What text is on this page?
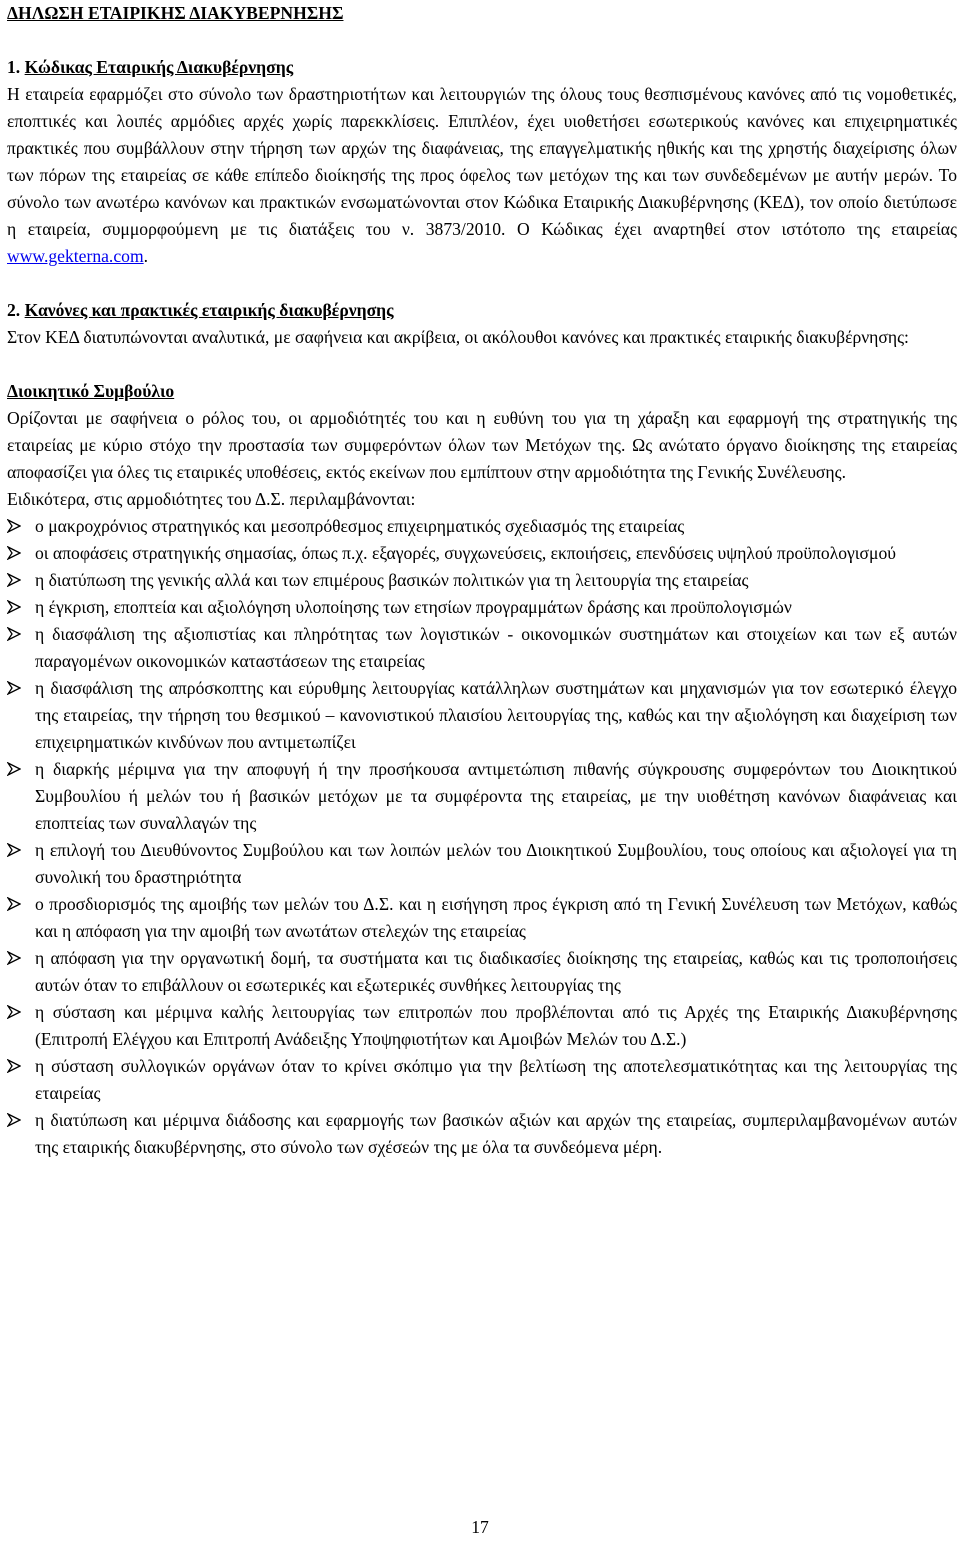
ΔΗΛΩΣΗ ΕΤΑΙΡΙΚΗΣ ΔΙΑΚΥΒΕΡΝΗΣΗΣ

1. Κώδικας Εταιρικής Διακυβέρνησης

Η εταιρεία εφαρμόζει στο σύνολο των δραστηριοτήτων και λειτουργιών της όλους τους θεσπισμένους κανόνες από τις νομοθετικές, εποπτικές και λοιπές αρμόδιες αρχές χωρίς παρεκκλίσεις. Επιπλέον, έχει υιοθετήσει εσωτερικούς κανόνες και επιχειρηματικές πρακτικές που συμβάλλουν στην τήρηση των αρχών της διαφάνειας, της επαγγελματικής ηθικής και της χρηστής διαχείρισης όλων των πόρων της εταιρείας σε κάθε επίπεδο διοίκησής της προς όφελος των μετόχων της και των συνδεδεμένων με αυτήν μερών. Το σύνολο των ανωτέρω κανόνων και πρακτικών ενσωματώνονται στον Κώδικα Εταιρικής Διακυβέρνησης (ΚΕΔ), τον οποίο διετύπωσε η εταιρεία, συμμορφούμενη με τις διατάξεις του ν. 3873/2010. Ο Κώδικας έχει αναρτηθεί στον ιστότοπο της εταιρείας www.gekterna.com.

2. Κανόνες και πρακτικές εταιρικής διακυβέρνησης

Στον ΚΕΔ διατυπώνονται αναλυτικά, με σαφήνεια και ακρίβεια, οι ακόλουθοι κανόνες και πρακτικές εταιρικής διακυβέρνησης:

Διοικητικό Συμβούλιο

Ορίζονται με σαφήνεια ο ρόλος του, οι αρμοδιότητές του και η ευθύνη του για τη χάραξη και εφαρμογή της στρατηγικής της εταιρείας με κύριο στόχο την προστασία των συμφερόντων όλων των Μετόχων της. Ως ανώτατο όργανο διοίκησης της εταιρείας αποφασίζει για όλες τις εταιρικές υποθέσεις, εκτός εκείνων που εμπίπτουν στην αρμοδιότητα της Γενικής Συνέλευσης.

Ειδικότερα, στις αρμοδιότητες του Δ.Σ. περιλαμβάνονται:

ο μακροχρόνιος στρατηγικός και μεσοπρόθεσμος επιχειρηματικός σχεδιασμός της εταιρείας
οι αποφάσεις στρατηγικής σημασίας, όπως π.χ. εξαγορές, συγχωνεύσεις, εκποιήσεις, επενδύσεις υψηλού προϋπολογισμού
η διατύπωση της γενικής αλλά και των επιμέρους βασικών πολιτικών για τη λειτουργία της εταιρείας
η έγκριση, εποπτεία και αξιολόγηση υλοποίησης των ετησίων προγραμμάτων δράσης και προϋπολογισμών
η διασφάλιση της αξιοπιστίας και πληρότητας των λογιστικών - οικονομικών συστημάτων και στοιχείων και των εξ αυτών παραγομένων οικονομικών καταστάσεων της εταιρείας
η διασφάλιση της απρόσκοπτης και εύρυθμης λειτουργίας κατάλληλων συστημάτων και μηχανισμών για τον εσωτερικό έλεγχο της εταιρείας, την τήρηση του θεσμικού – κανονιστικού πλαισίου λειτουργίας της, καθώς και την αξιολόγηση και διαχείριση των επιχειρηματικών κινδύνων που αντιμετωπίζει
η διαρκής μέριμνα για την αποφυγή ή την προσήκουσα αντιμετώπιση πιθανής σύγκρουσης συμφερόντων του Διοικητικού Συμβουλίου ή μελών του ή βασικών μετόχων με τα συμφέροντα της εταιρείας, με την υιοθέτηση κανόνων διαφάνειας και εποπτείας των συναλλαγών της
η επιλογή του Διευθύνοντος Συμβούλου και των λοιπών μελών του Διοικητικού Συμβουλίου, τους οποίους και αξιολογεί για τη συνολική του δραστηριότητα
ο προσδιορισμός της αμοιβής των μελών του Δ.Σ. και η εισήγηση προς έγκριση από τη Γενική Συνέλευση των Μετόχων, καθώς και η απόφαση για την αμοιβή των ανωτάτων στελεχών της εταιρείας
η απόφαση για την οργανωτική δομή, τα συστήματα και τις διαδικασίες διοίκησης της εταιρείας, καθώς και τις τροποποιήσεις αυτών όταν το επιβάλλουν οι εσωτερικές και εξωτερικές συνθήκες λειτουργίας της
η σύσταση και μέριμνα καλής λειτουργίας των επιτροπών που προβλέπονται από τις Αρχές της Εταιρικής Διακυβέρνησης (Επιτροπή Ελέγχου και Επιτροπή Ανάδειξης Υποψηφιοτήτων και Αμοιβών Μελών του Δ.Σ.)
η σύσταση συλλογικών οργάνων όταν το κρίνει σκόπιμο για την βελτίωση της αποτελεσματικότητας και της λειτουργίας της εταιρείας
η διατύπωση και μέριμνα διάδοσης και εφαρμογής των βασικών αξιών και αρχών της εταιρείας, συμπεριλαμβανομένων αυτών της εταιρικής διακυβέρνησης, στο σύνολο των σχέσεών της με όλα τα συνδεόμενα μέρη.
17
